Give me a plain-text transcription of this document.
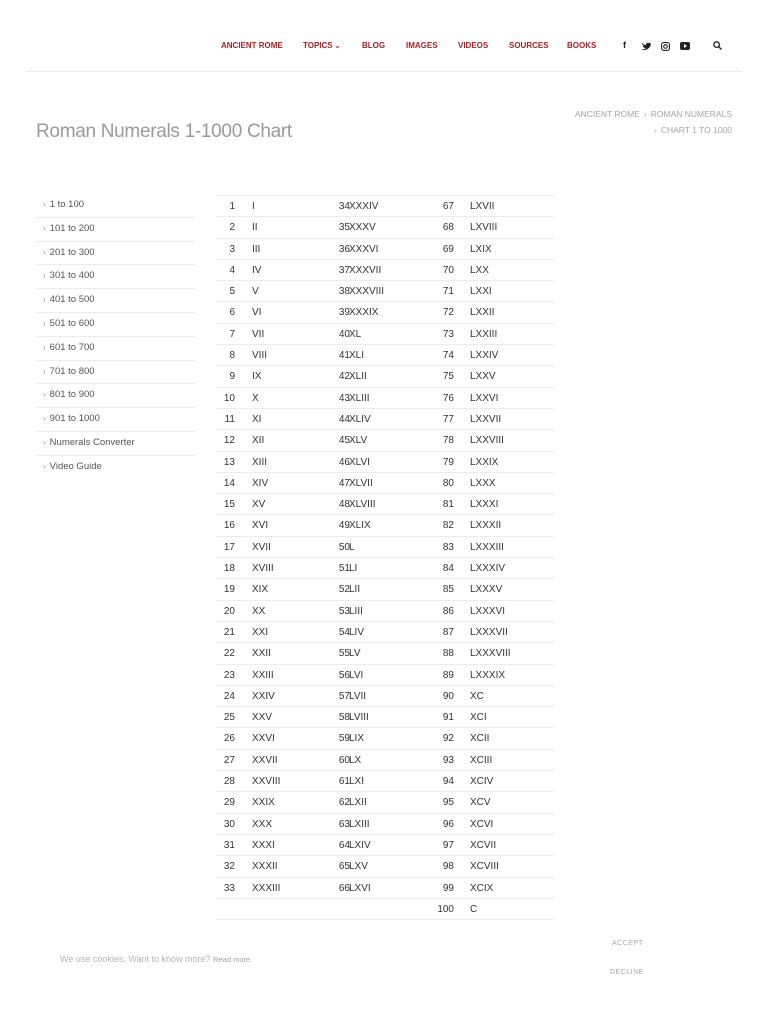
ANCIENT ROME	TOPICS ⌄	BLOG	IMAGES	VIDEOS	SOURCES BOOKS	f
Roman Numerals 1-1000 Chart
ANCIENT ROME › ROMAN NUMERALS
› CHART 1 TO 1000
› 1 to 100
› 101 to 200
› 201 to 300
› 301 to 400
› 401 to 500
› 501 to 600
› 601 to 700
› 701 to 800
› 801 to 900
› 901 to 1000
› Numerals Converter
› Video Guide
1 I	34 XXXIV	67 LXVII
2 II	35 XXXV	68 LXVIII
3 III	36 XXXVI	69 LXIX
4 IV	37 XXXVII	70 LXX
5 V	38 XXXVIII	71 LXXI
6 VI	39 XXXIX	72 LXXII
7 VII	40 XL	73 LXXIII
8 VIII	41 XLI	74 LXXIV
9 IX	42 XLII	75 LXXV
10 X	43 XLIII	76 LXXVI
11 XI	44 XLIV	77 LXXVII
12 XII	45 XLV	78 LXXVIII
13 XIII	46 XLVI	79 LXXIX
14 XIV	47 XLVII	80 LXXX
15 XV	48 XLVIII	81 LXXXI
16 XVI	49 XLIX	82 LXXXII
17 XVII	50 L	83 LXXXIII
18 XVIII	51 LI	84 LXXXIV
19 XIX	52 LII	85 LXXXV
20 XX	53 LIII	86 LXXXVI
21 XXI	54 LIV	87 LXXXVII
22 XXII	55 LV	88 LXXXVIII
23 XXIII	56 LVI	89 LXXXIX
24 XXIV	57 LVII	90 XC
25 XXV	58 LVIII	91 XCI
26 XXVI	59 LIX	92 XCII
27 XXVII	60 LX	93 XCIII
28 XXVIII	61 LXI	94 XCIV
29 XXIX	62 LXII	95 XCV
30 XXX	63 LXIII	96 XCVI
31 XXXI	64 LXIV	97 XCVII
32 XXXII	65 LXV	98 XCVIII
33 XXXIII	66 LXVI	99 XCIX
100 C
We use cookies. Want to know more? Read more.
ACCEPT
DECLINE
